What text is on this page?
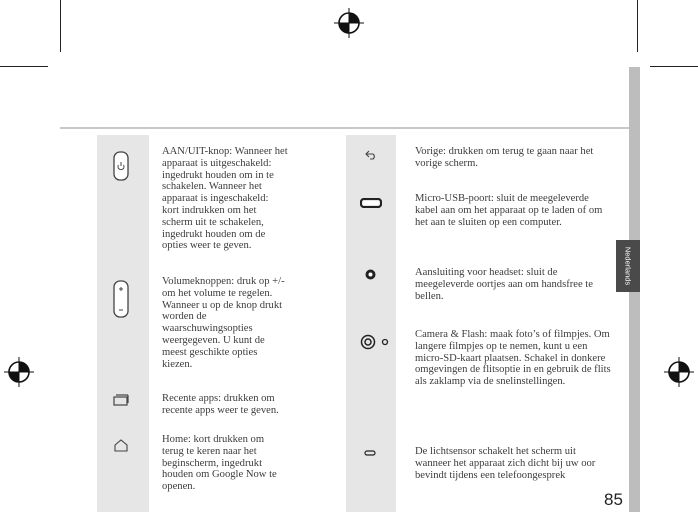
Nederlands
AAN/UIT-knop: Wanneer het apparaat is uitgeschakeld: ingedrukt houden om in te schakelen. Wanneer het apparaat is ingeschakeld: kort indrukken om het scherm uit te schakelen, ingedrukt houden om de opties weer te geven.
Volumeknoppen: druk op +/- om het volume te regelen. Wanneer u op de knop drukt worden de waarschuwingsopties weergegeven. U kunt de meest geschikte opties kiezen.
Recente apps: drukken om recente apps weer te geven.
Home: kort drukken om terug te keren naar het beginscherm, ingedrukt houden om Google Now te openen.
Vorige: drukken om terug te gaan naar het vorige scherm.
Micro-USB-poort: sluit de meegeleverde kabel aan om het apparaat op te laden of om het aan te sluiten op een computer.
Aansluiting voor headset: sluit de meegeleverde oortjes aan om handsfree te bellen.
Camera & Flash: maak foto’s of filmpjes. Om langere filmpjes op te nemen, kunt u een micro-SD-kaart plaatsen. Schakel in donkere omgevingen de flitsoptie in en gebruik de flits als zaklamp via de snelinstellingen.
De lichtsensor schakelt het scherm uit wanneer het apparaat zich dicht bij uw oor bevindt tijdens een telefoongesprek
85
